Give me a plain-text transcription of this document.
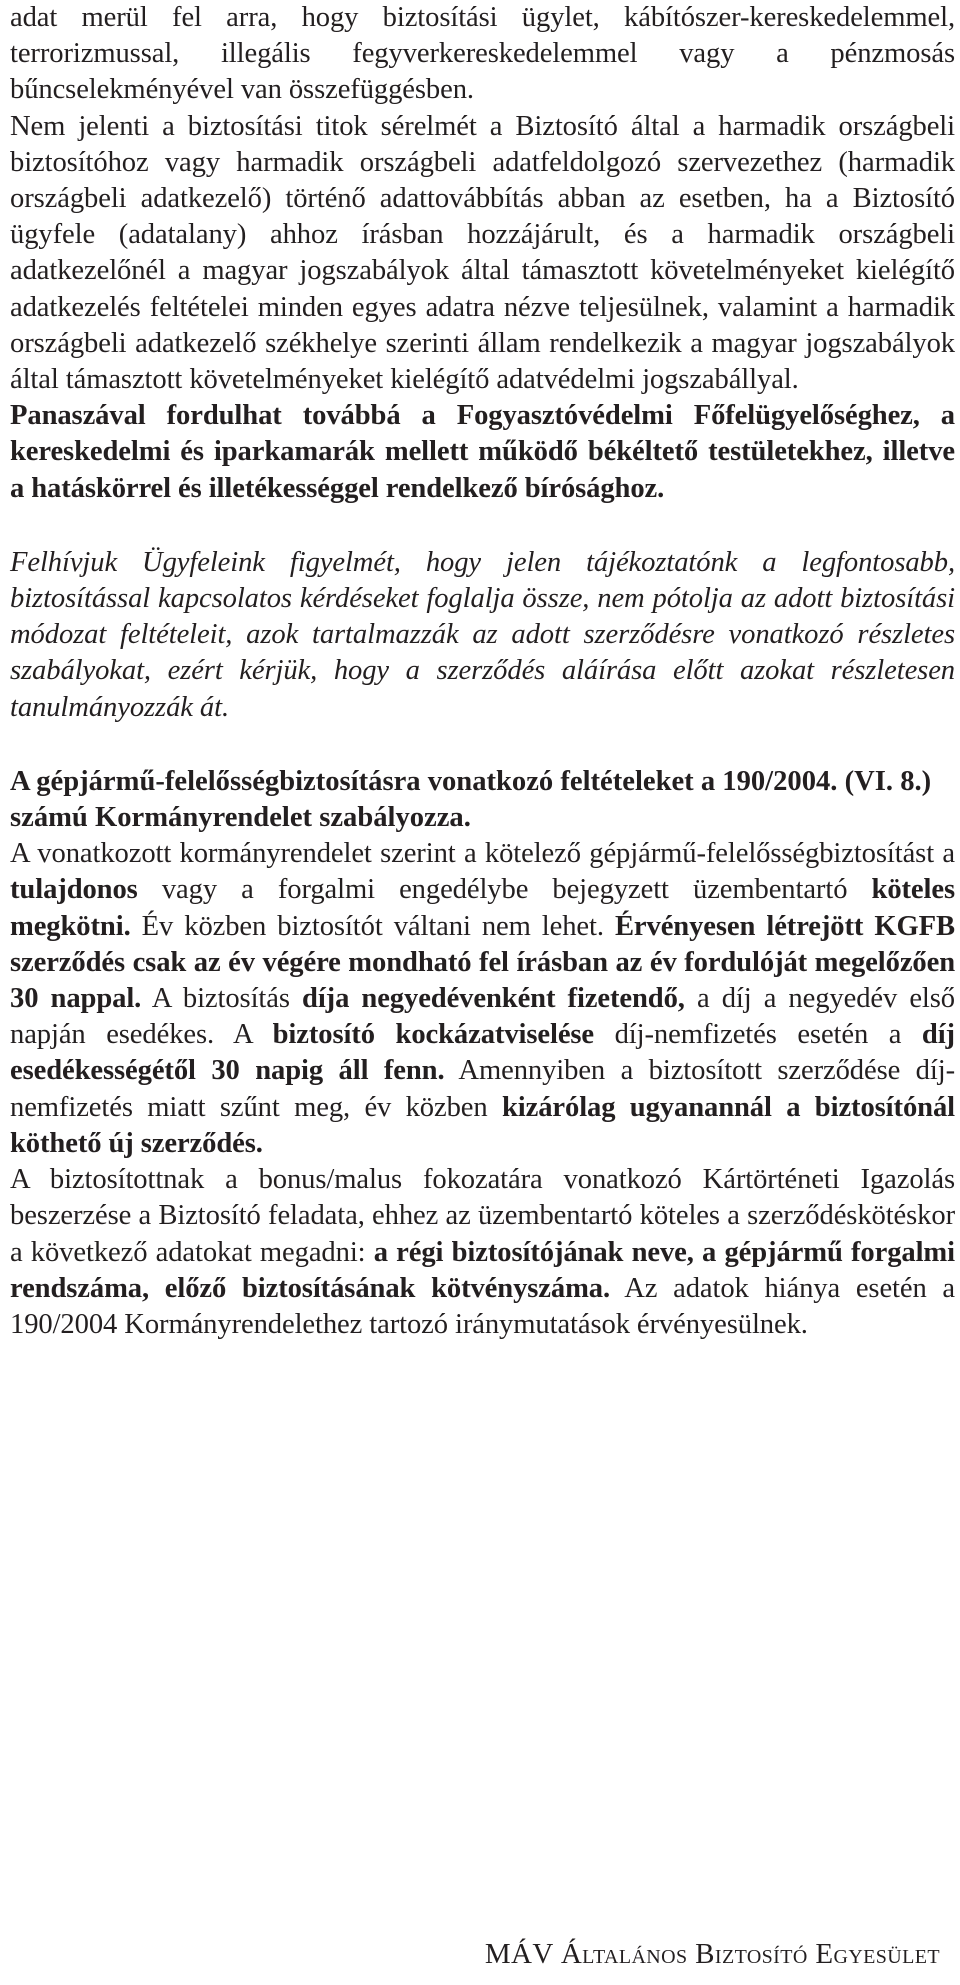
adat merül fel arra, hogy biztosítási ügylet, kábítószer-kereskedelemmel, terrorizmussal, illegális fegyverkereskedelemmel vagy a pénzmosás bűncselekményével van összefüggésben.

Nem jelenti a biztosítási titok sérelmét a Biztosító által a harmadik országbeli biztosítóhoz vagy harmadik országbeli adatfeldolgozó szervezethez (harmadik országbeli adatkezelő) történő adattovábbítás abban az esetben, ha a Biztosító ügyfele (adatalany) ahhoz írásban hozzájárult, és a harmadik országbeli adatkezelőnél a magyar jogszabályok által támasztott követelményeket kielégítő adatkezelés feltételei minden egyes adatra nézve teljesülnek, valamint a harmadik országbeli adatkezelő székhelye szerinti állam rendelkezik a magyar jogszabályok által támasztott követelményeket kielégítő adatvédelmi jogszabállyal.

Panaszával fordulhat továbbá a Fogyasztóvédelmi Főfelügyelőséghez, a kereskedelmi és iparkamarák mellett működő békéltető testületekhez, illetve a hatáskörrel és illetékességgel rendelkező bírósághoz.

Felhívjuk Ügyfeleink figyelmét, hogy jelen tájékoztatónk a legfontosabb, biztosítással kapcsolatos kérdéseket foglalja össze, nem pótolja az adott biztosítási módozat feltételeit, azok tartalmazzák az adott szerződésre vonatkozó részletes szabályokat, ezért kérjük, hogy a szerződés aláírása előtt azokat részletesen tanulmányozzák át.

A gépjármű-felelősségbiztosításra vonatkozó feltételeket a 190/2004. (VI. 8.) számú Kormányrendelet szabályozza.

A vonatkozott kormányrendelet szerint a kötelező gépjármű-felelősségbiztosítást a tulajdonos vagy a forgalmi engedélybe bejegyzett üzembentartó köteles megkötni. Év közben biztosítót váltani nem lehet. Érvényesen létrejött KGFB szerződés csak az év végére mondható fel írásban az év fordulóját megelőzően 30 nappal. A biztosítás díja negyedévenként fizetendő, a díj a negyedév első napján esedékes. A biztosító kockázatviselése díj-nemfizetés esetén a díj esedékességétől 30 napig áll fenn. Amennyiben a biztosított szerződése díj-nemfizetés miatt szűnt meg, év közben kizárólag ugyanannál a biztosítónál köthető új szerződés.

A biztosítottnak a bonus/malus fokozatára vonatkozó Kártörténeti Igazolás beszerzése a Biztosító feladata, ehhez az üzembentartó köteles a szerződéskötéskor a következő adatokat megadni: a régi biztosítójának neve, a gépjármű forgalmi rendszáma, előző biztosításának kötvényszáma. Az adatok hiánya esetén a 190/2004 Kormányrendelethez tartozó iránymutatások érvényesülnek.

MÁV Általános Biztosító Egyesület
